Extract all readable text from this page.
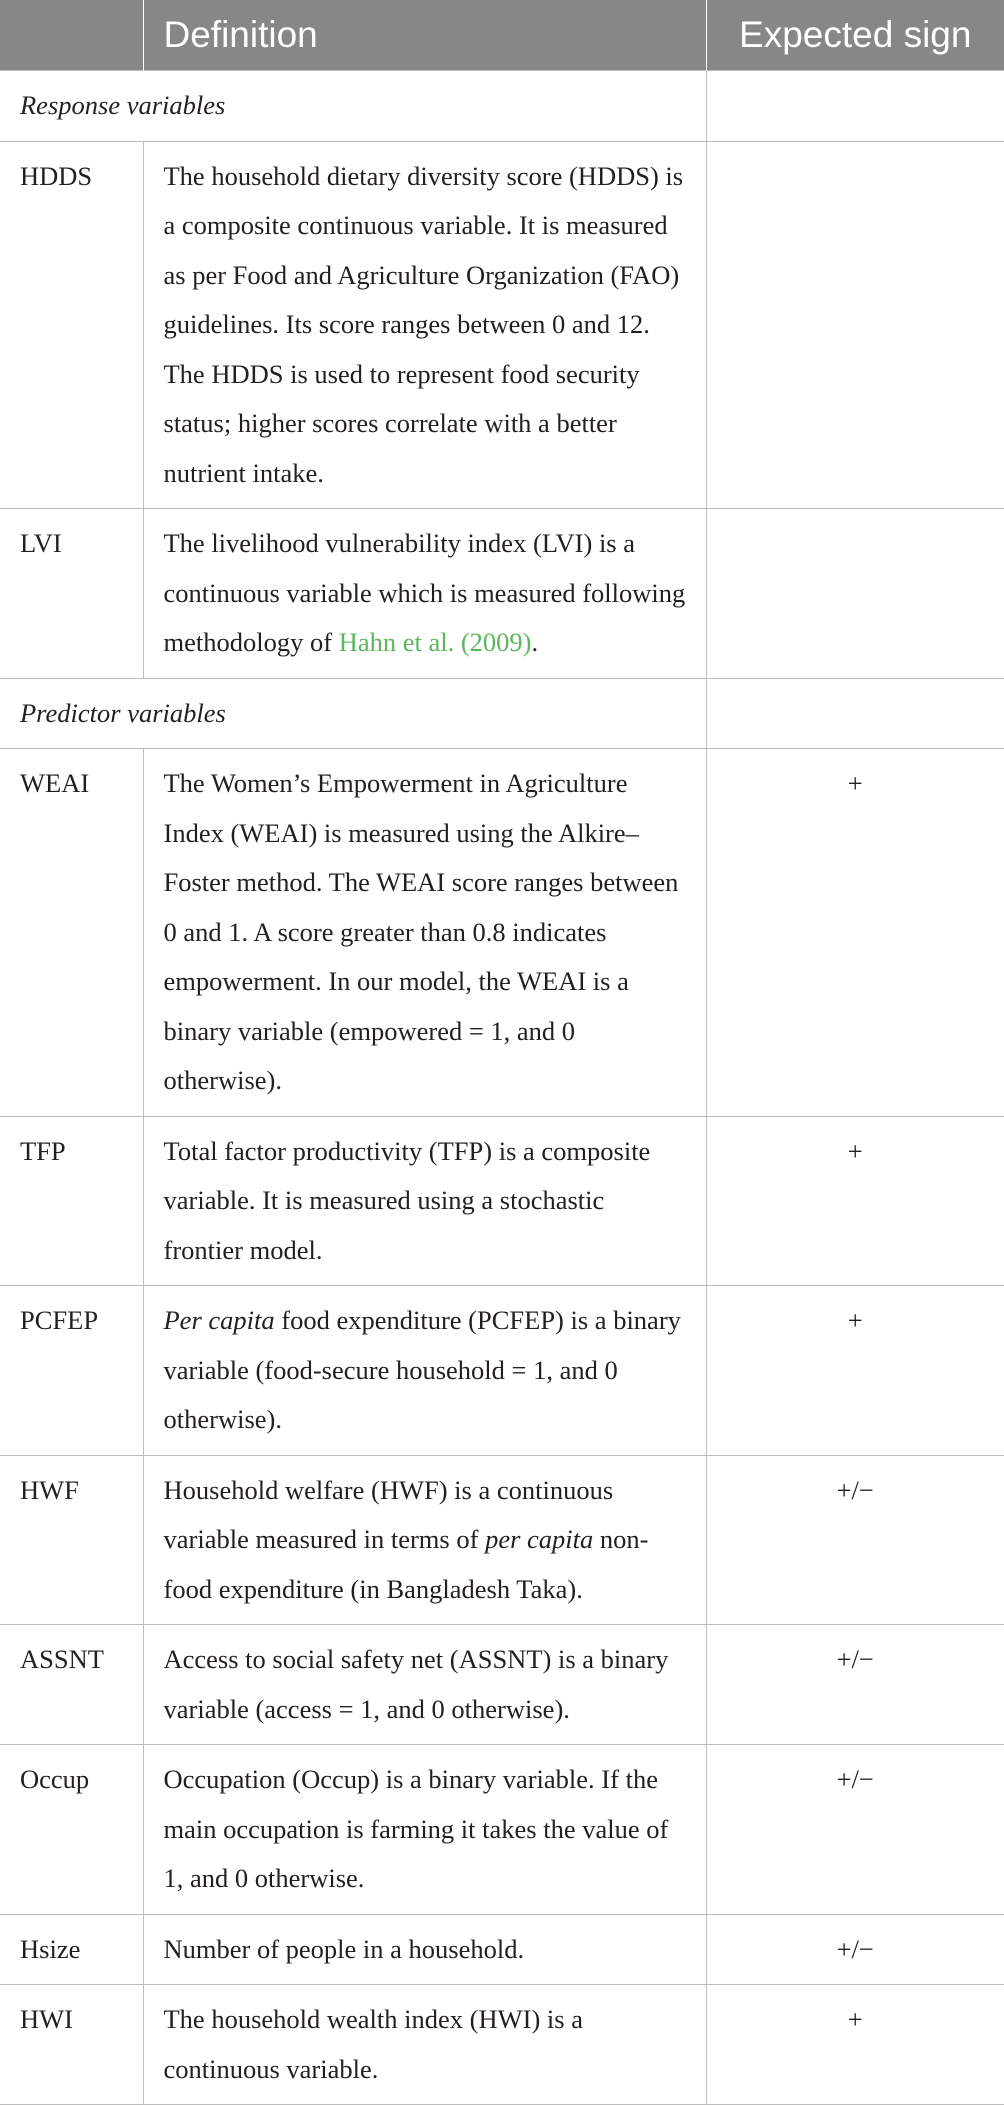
	Definition	Expected sign
Response variables		
HDDS	The household dietary diversity score (HDDS) is a composite continuous variable. It is measured as per Food and Agriculture Organization (FAO) guidelines. Its score ranges between 0 and 12. The HDDS is used to represent food security status; higher scores correlate with a better nutrient intake.	
LVI	The livelihood vulnerability index (LVI) is a continuous variable which is measured following methodology of Hahn et al. (2009).	
Predictor variables		
WEAI	The Women’s Empowerment in Agriculture Index (WEAI) is measured using the Alkire–Foster method. The WEAI score ranges between 0 and 1. A score greater than 0.8 indicates empowerment. In our model, the WEAI is a binary variable (empowered = 1, and 0 otherwise).	+
TFP	Total factor productivity (TFP) is a composite variable. It is measured using a stochastic frontier model.	+
PCFEP	Per capita food expenditure (PCFEP) is a binary variable (food-secure household = 1, and 0 otherwise).	+
HWF	Household welfare (HWF) is a continuous variable measured in terms of per capita non-food expenditure (in Bangladesh Taka).	+/−
ASSNT	Access to social safety net (ASSNT) is a binary variable (access = 1, and 0 otherwise).	+/−
Occup	Occupation (Occup) is a binary variable. If the main occupation is farming it takes the value of 1, and 0 otherwise.	+/−
Hsize	Number of people in a household.	+/−
HWI	The household wealth index (HWI) is a continuous variable.	+
